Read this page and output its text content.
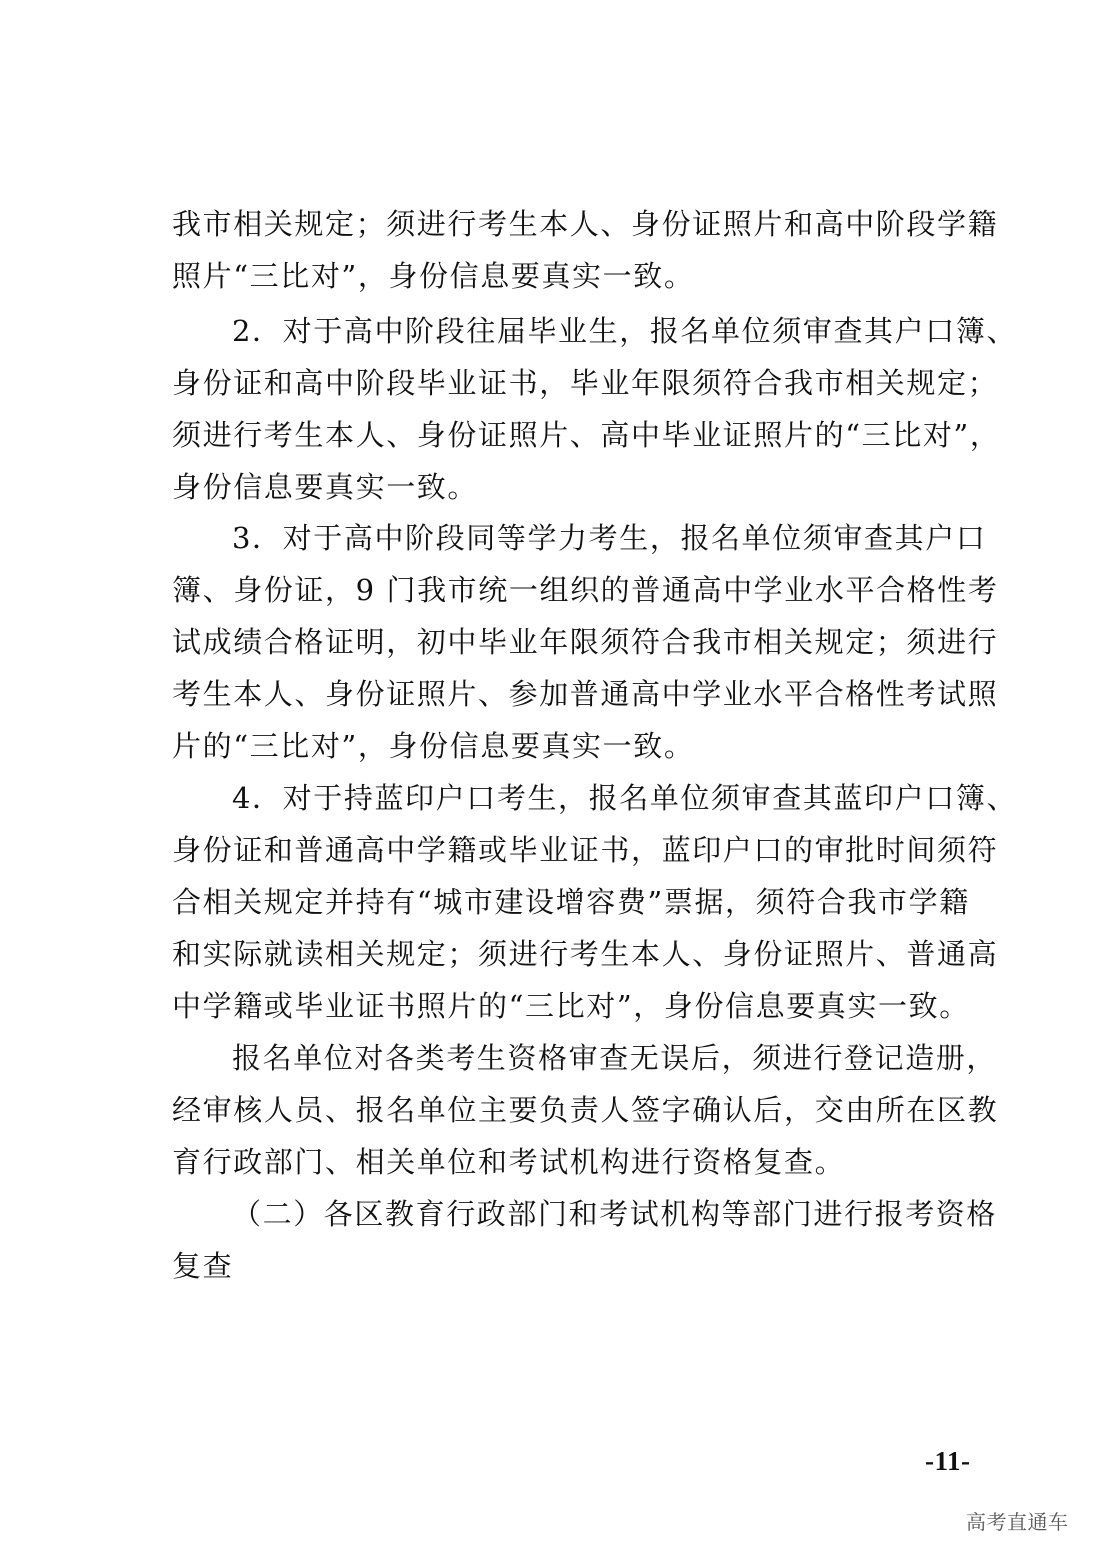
我市相关规定；须进行考生本人、身份证照片和高中阶段学籍
照片“三比对”，身份信息要真实一致。
2．对于高中阶段往届毕业生，报名单位须审查其户口簿、
身份证和高中阶段毕业证书，毕业年限须符合我市相关规定；
须进行考生本人、身份证照片、高中毕业证照片的“三比对”，
身份信息要真实一致。
3．对于高中阶段同等学力考生，报名单位须审查其户口
簿、身份证，9 门我市统一组织的普通高中学业水平合格性考
试成绩合格证明，初中毕业年限须符合我市相关规定；须进行
考生本人、身份证照片、参加普通高中学业水平合格性考试照
片的“三比对”，身份信息要真实一致。
4．对于持蓝印户口考生，报名单位须审查其蓝印户口簿、
身份证和普通高中学籍或毕业证书，蓝印户口的审批时间须符
合相关规定并持有“城市建设增容费”票据，须符合我市学籍
和实际就读相关规定；须进行考生本人、身份证照片、普通高
中学籍或毕业证书照片的“三比对”，身份信息要真实一致。
报名单位对各类考生资格审查无误后，须进行登记造册，
经审核人员、报名单位主要负责人签字确认后，交由所在区教
育行政部门、相关单位和考试机构进行资格复查。
（二）各区教育行政部门和考试机构等部门进行报考资格
复查
-11-
高考直通车
